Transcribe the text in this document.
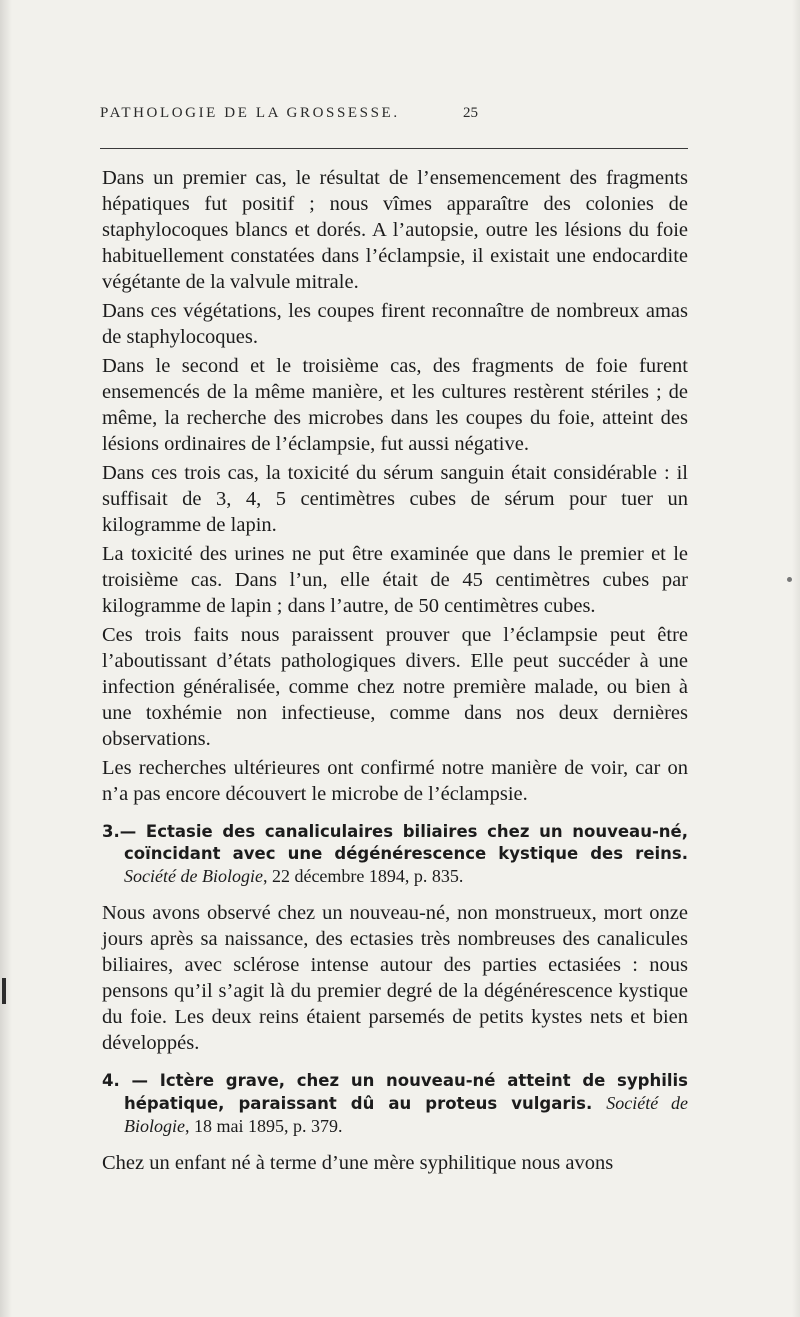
PATHOLOGIE DE LA GROSSESSE.	25

Dans un premier cas, le résultat de l’ensemencement des fragments hépatiques fut positif ; nous vîmes apparaître des colonies de staphylocoques blancs et dorés. A l’autopsie, outre les lésions du foie habituellement constatées dans l’éclampsie, il existait une endocardite végétante de la valvule mitrale.

Dans ces végétations, les coupes firent reconnaître de nombreux amas de staphylocoques.

Dans le second et le troisième cas, des fragments de foie furent ensemencés de la même manière, et les cultures restèrent stériles ; de même, la recherche des microbes dans les coupes du foie, atteint des lésions ordinaires de l’éclampsie, fut aussi négative.

Dans ces trois cas, la toxicité du sérum sanguin était considérable : il suffisait de 3, 4, 5 centimètres cubes de sérum pour tuer un kilogramme de lapin.

La toxicité des urines ne put être examinée que dans le premier et le troisième cas. Dans l’un, elle était de 45 centimètres cubes par kilogramme de lapin ; dans l’autre, de 50 centimètres cubes.

Ces trois faits nous paraissent prouver que l’éclampsie peut être l’aboutissant d’états pathologiques divers. Elle peut succéder à une infection généralisée, comme chez notre première malade, ou bien à une toxhémie non infectieuse, comme dans nos deux dernières observations.

Les recherches ultérieures ont confirmé notre manière de voir, car on n’a pas encore découvert le microbe de l’éclampsie.

3.— Ectasie des canaliculaires biliaires chez un nouveau-né, coïncidant avec une dégénérescence kystique des reins. Société de Biologie, 22 décembre 1894, p. 835.

Nous avons observé chez un nouveau-né, non monstrueux, mort onze jours après sa naissance, des ectasies très nombreuses des canalicules biliaires, avec sclérose intense autour des parties ectasiées : nous pensons qu’il s’agit là du premier degré de la dégénérescence kystique du foie. Les deux reins étaient parsemés de petits kystes nets et bien développés.

4. — Ictère grave, chez un nouveau-né atteint de syphilis hépatique, paraissant dû au proteus vulgaris. Société de Biologie, 18 mai 1895, p. 379.

Chez un enfant né à terme d’une mère syphilitique nous avons
